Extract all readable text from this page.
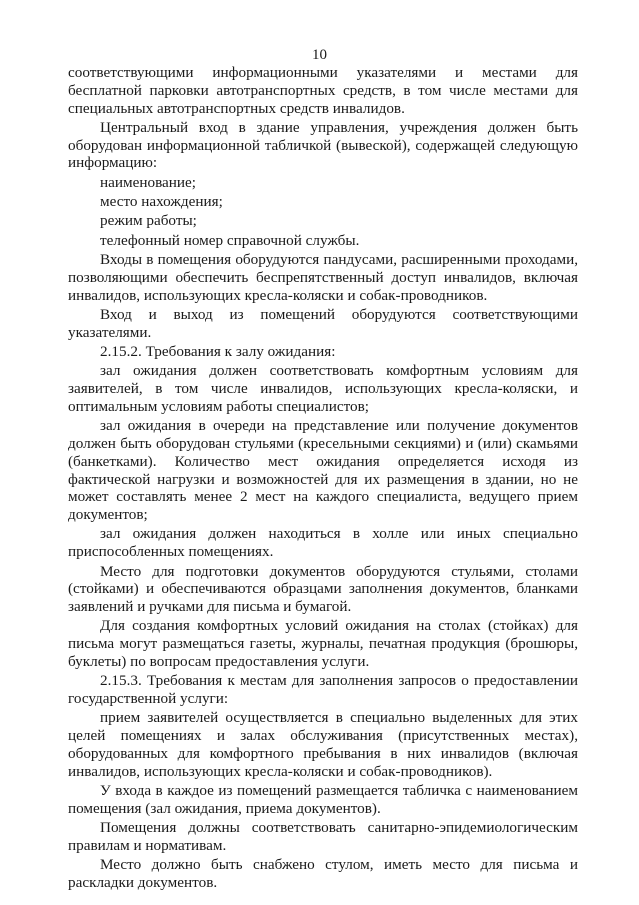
10

соответствующими информационными указателями и местами для бесплатной парковки автотранспортных средств, в том числе местами для специальных автотранспортных средств инвалидов.

Центральный вход в здание управления, учреждения должен быть оборудован информационной табличкой (вывеской), содержащей следующую информацию:

наименование;

место нахождения;

режим работы;

телефонный номер справочной службы.

Входы в помещения оборудуются пандусами, расширенными проходами, позволяющими обеспечить беспрепятственный доступ инвалидов, включая инвалидов, использующих кресла-коляски и собак-проводников.

Вход и выход из помещений оборудуются соответствующими указателями.

2.15.2. Требования к залу ожидания:

зал ожидания должен соответствовать комфортным условиям для заявителей, в том числе инвалидов, использующих кресла-коляски, и оптимальным условиям работы специалистов;

зал ожидания в очереди на представление или получение документов должен быть оборудован стульями (кресельными секциями) и (или) скамьями (банкетками). Количество мест ожидания определяется исходя из фактической нагрузки и возможностей для их размещения в здании, но не может составлять менее 2 мест на каждого специалиста, ведущего прием документов;

зал ожидания должен находиться в холле или иных специально приспособленных помещениях.

Место для подготовки документов оборудуются стульями, столами (стойками) и обеспечиваются образцами заполнения документов, бланками заявлений и ручками для письма и бумагой.

Для создания комфортных условий ожидания на столах (стойках) для письма могут размещаться газеты, журналы, печатная продукция (брошюры, буклеты) по вопросам предоставления услуги.

2.15.3. Требования к местам для заполнения запросов о предоставлении государственной услуги:

прием заявителей осуществляется в специально выделенных для этих целей помещениях и залах обслуживания (присутственных местах), оборудованных для комфортного пребывания в них инвалидов (включая инвалидов, использующих кресла-коляски и собак-проводников).

У входа в каждое из помещений размещается табличка с наименованием помещения (зал ожидания, приема документов).

Помещения должны соответствовать санитарно-эпидемиологическим правилам и нормативам.

Место должно быть снабжено стулом, иметь место для письма и раскладки документов.
